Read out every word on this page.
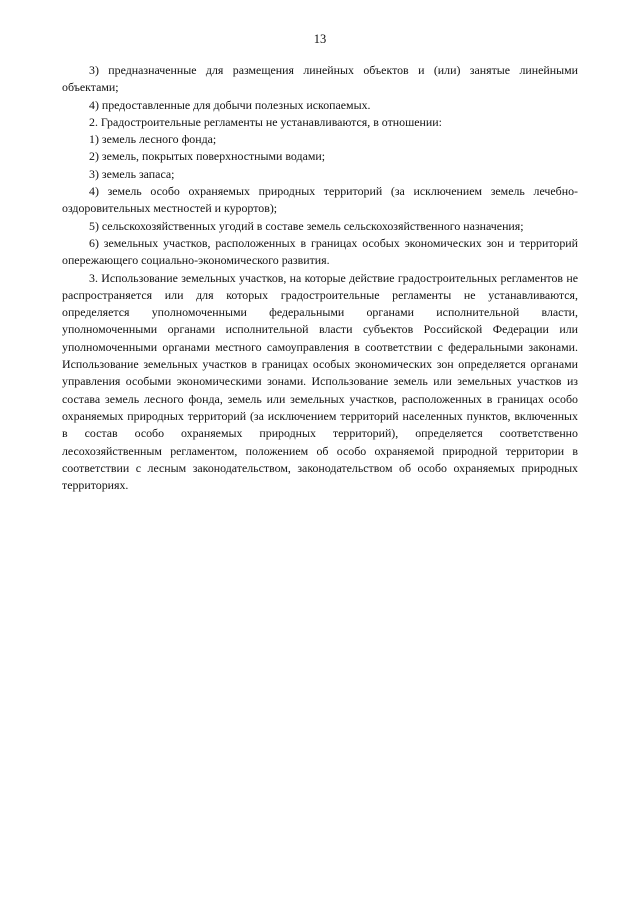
13

3) предназначенные для размещения линейных объектов и (или) занятые линейными объектами;

4) предоставленные для добычи полезных ископаемых.

2. Градостроительные регламенты не устанавливаются, в отношении:

1) земель лесного фонда;

2) земель, покрытых поверхностными водами;

3) земель запаса;

4) земель особо охраняемых природных территорий (за исключением земель лечебно-оздоровительных местностей и курортов);

5) сельскохозяйственных угодий в составе земель сельскохозяйственного назначения;

6) земельных участков, расположенных в границах особых экономических зон и территорий опережающего социально-экономического развития.

3. Использование земельных участков, на которые действие градостроительных регламентов не распространяется или для которых градостроительные регламенты не устанавливаются, определяется уполномоченными федеральными органами исполнительной власти, уполномоченными органами исполнительной власти субъектов Российской Федерации или уполномоченными органами местного самоуправления в соответствии с федеральными законами. Использование земельных участков в границах особых экономических зон определяется органами управления особыми экономическими зонами. Использование земель или земельных участков из состава земель лесного фонда, земель или земельных участков, расположенных в границах особо охраняемых природных территорий (за исключением территорий населенных пунктов, включенных в состав особо охраняемых природных территорий), определяется соответственно лесохозяйственным регламентом, положением об особо охраняемой природной территории в соответствии с лесным законодательством, законодательством об особо охраняемых природных территориях.
